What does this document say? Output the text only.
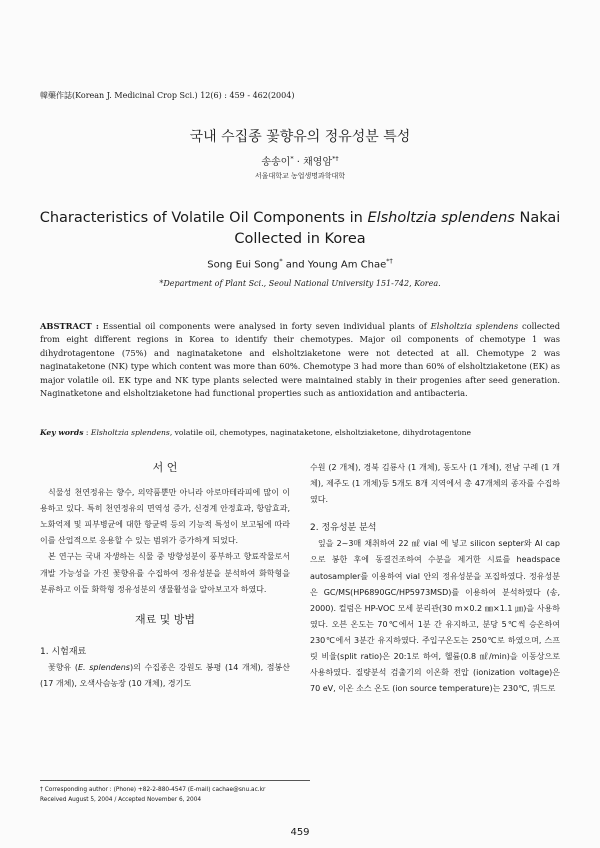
韓藥作誌(Korean J. Medicinal Crop Sci.) 12(6) : 459 - 462(2004)
국내 수집종 꽃향유의 정유성분 특성
송송이* · 채영암*†
서울대학교 농업생명과학대학
Characteristics of Volatile Oil Components in Elsholtzia splendens Nakai Collected in Korea
Song Eui Song* and Young Am Chae*†
*Department of Plant Sci., Seoul National University 151-742, Korea.
ABSTRACT : Essential oil components were analysed in forty seven individual plants of Elsholtzia splendens collected from eight different regions in Korea to identify their chemotypes. Major oil components of chemotype 1 was dihydrotagentone (75%) and naginataketone and elsholtziaketone were not detected at all. Chemotype 2 was naginataketone (NK) type which content was more than 60%. Chemotype 3 had more than 60% of elsholtziaketone (EK) as major volatile oil. EK type and NK type plants selected were maintained stably in their progenies after seed generation. Naginatketone and elsholtziaketone had functional properties such as antioxidation and antibacteria.
Key words : Elsholtzia splendens, volatile oil, chemotypes, naginataketone, elsholtziaketone, dihydrotagentone
서 언
식물성 천연정유는 향수, 의약품뿐만 아니라 아로마테라피에 많이 이용하고 있다. 특히 천연정유의 면역성 증가, 신경계 안정효과, 항암효과, 노화억제 및 피부병균에 대한 항균력 등의 기능적 특성이 보고됨에 따라 이를 산업적으로 응용할 수 있는 범위가 증가하게 되었다.
본 연구는 국내 자생하는 식물 중 방향성분이 풍부하고 향료작물로서 개발 가능성을 가진 꽃향유를 수집하여 정유성분을 분석하여 화학형을 분류하고 이들 화학형 정유성분의 생물활성을 알아보고자 하였다.
재료 및 방법
1. 시험재료
꽃향유 (E. splendens)의 수집종은 강원도 봉평 (14 개체), 점봉산 (17 개체), 오색사슴농장 (10 개체), 경기도
수원 (2 개체), 경북 김룡사 (1 개체), 동도사 (1 개체), 전남 구례 (1 개체), 제주도 (1 개체)등 5개도 8개 지역에서 총 47개체의 종자를 수집하였다.
2. 정유성분 분석
잎을 2~3매 채취하여 22 ㎖ vial 에 넣고 silicon septer와 Al cap으로 봉한 후에 동결건조하여 수분을 제거한 시료를 headspace autosampler를 이용하여 vial 안의 정유성분을 포집하였다. 정유성분은 GC/MS(HP6890GC/HP5973MSD)를 이용하여 분석하였다 (송, 2000). 컬럼은 HP-VOC 모세 분리관(30 m×0.2 ㎜×1.1 ㎛)을 사용하였다. 오븐 온도는 70℃에서 1분 간 유지하고, 분당 5℃씩 승온하여 230℃에서 3분간 유지하였다. 주입구온도는 250℃로 하였으며, 스프릿 비율(split ratio)은 20:1로 하여, 헬륨(0.8 ㎖/min)을 이동상으로 사용하였다. 질량분석 검출기의 이온화 전압 (ionization voltage)은 70 eV, 이온 소스 온도 (ion source temperature)는 230℃, 쿼드로
† Corresponding author : (Phone) +82-2-880-4547 (E-mail) cachae@snu.ac.kr
Received August 5, 2004 / Accepted November 6, 2004
459
